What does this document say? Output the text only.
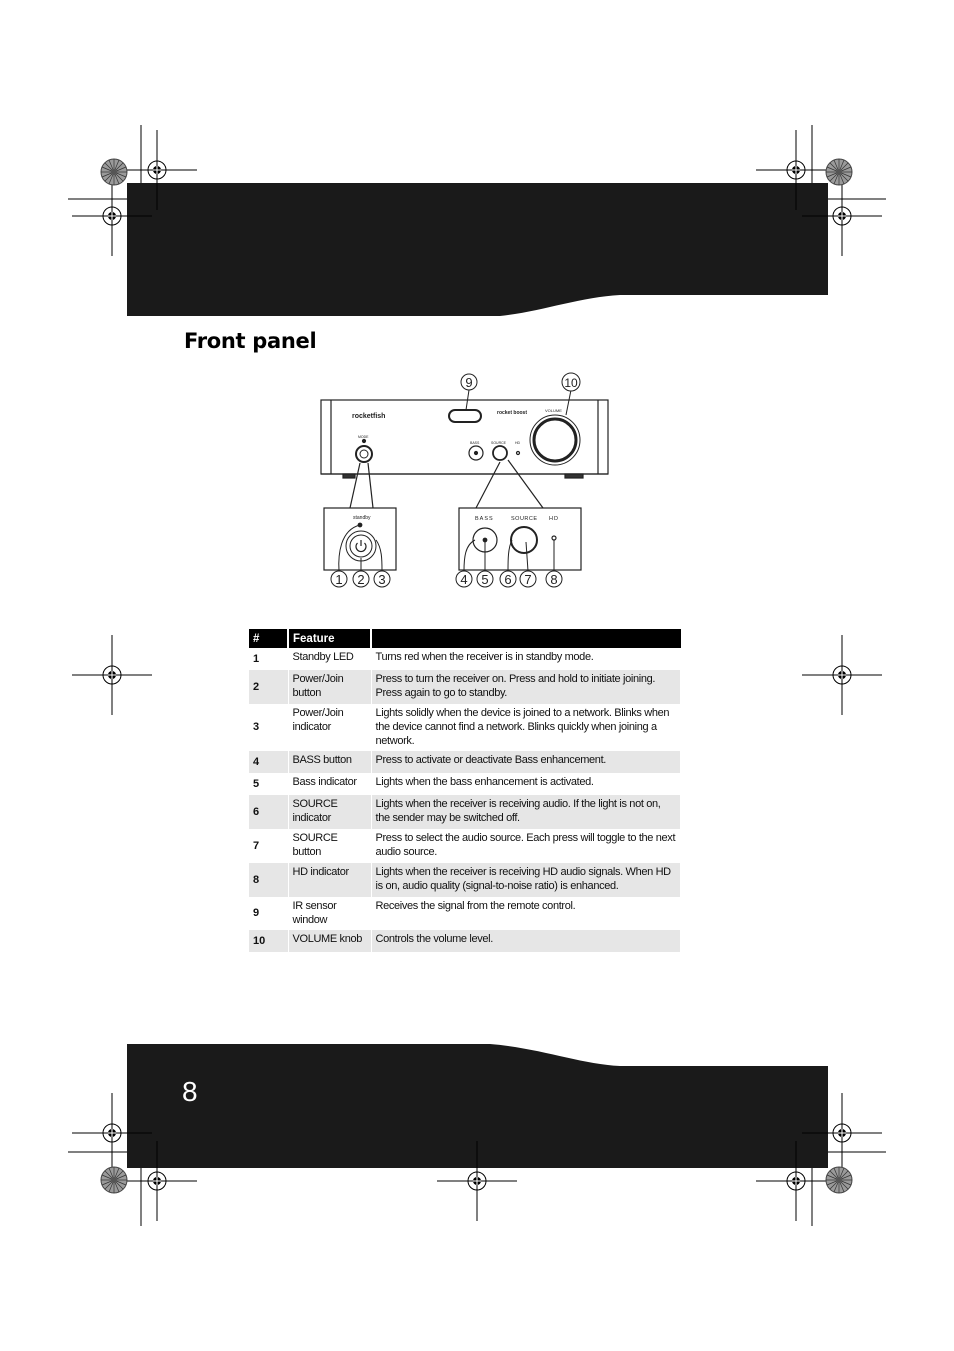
Front panel
rocketfish	rocket boost
MODE
BASS	SOURCE	HD
VOLUME
standby	BASS	SOURCE HD
1 2 3	4 5 6 7 8
9	10
#	Feature	
1	Standby LED	Turns red when the receiver is in standby mode.
2	Power/Join button	Press to turn the receiver on. Press and hold to initiate joining. Press again to go to standby.
3	Power/Join indicator	Lights solidly when the device is joined to a network. Blinks when the device cannot find a network. Blinks quickly when joining a network.
4	BASS button	Press to activate or deactivate Bass enhancement.
5	Bass indicator	Lights when the bass enhancement is activated.
6	SOURCE indicator	Lights when the receiver is receiving audio. If the light is not on, the sender may be switched off.
7	SOURCE button	Press to select the audio source. Each press will toggle to the next audio source.
8	HD indicator	Lights when the receiver is receiving HD audio signals. When HD is on, audio quality (signal-to-noise ratio) is enhanced.
9	IR sensor window	Receives the signal from the remote control.
10	VOLUME knob	Controls the volume level.
8
